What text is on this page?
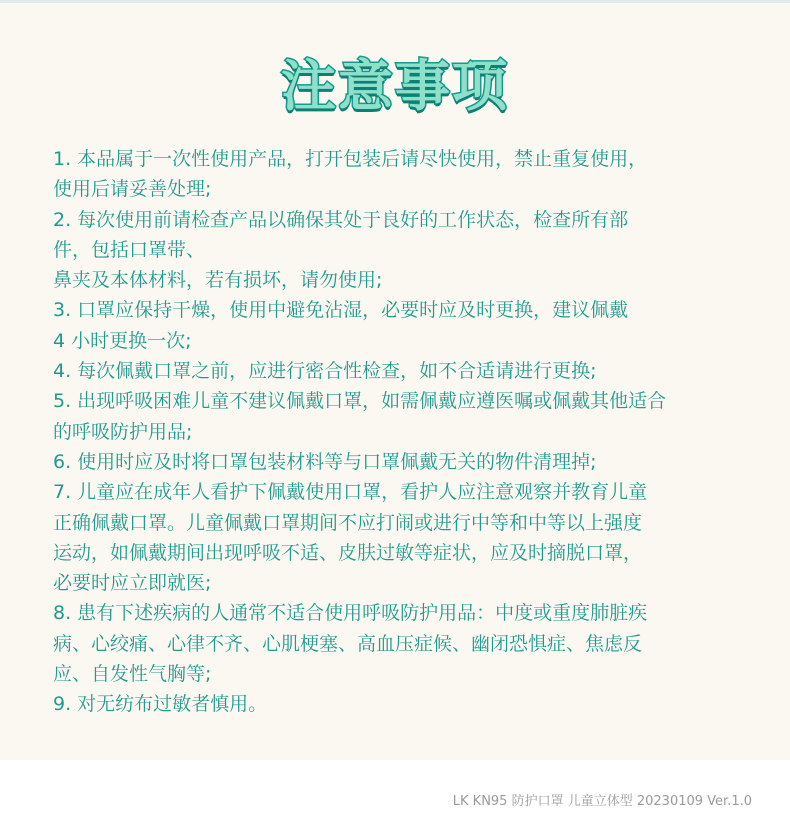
注意事项
1. 本品属于一次性使用产品，打开包装后请尽快使用，禁止重复使用，
使用后请妥善处理;
2. 每次使用前请检查产品以确保其处于良好的工作状态，检查所有部
件，包括口罩带、
鼻夹及本体材料，若有损坏，请勿使用;
3. 口罩应保持干燥，使用中避免沾湿，必要时应及时更换，建议佩戴
4 小时更换一次;
4. 每次佩戴口罩之前，应进行密合性检查，如不合适请进行更换;
5. 出现呼吸困难儿童不建议佩戴口罩，如需佩戴应遵医嘱或佩戴其他适合
的呼吸防护用品;
6. 使用时应及时将口罩包装材料等与口罩佩戴无关的物件清理掉;
7. 儿童应在成年人看护下佩戴使用口罩，看护人应注意观察并教育儿童
正确佩戴口罩。儿童佩戴口罩期间不应打闹或进行中等和中等以上强度
运动，如佩戴期间出现呼吸不适、皮肤过敏等症状，应及时摘脱口罩，
必要时应立即就医;
8. 患有下述疾病的人通常不适合使用呼吸防护用品：中度或重度肺脏疾
病、心绞痛、心律不齐、心肌梗塞、高血压症候、幽闭恐惧症、焦虑反
应、自发性气胸等;
9. 对无纺布过敏者慎用。
LK KN95 防护口罩 儿童立体型 20230109 Ver.1.0
